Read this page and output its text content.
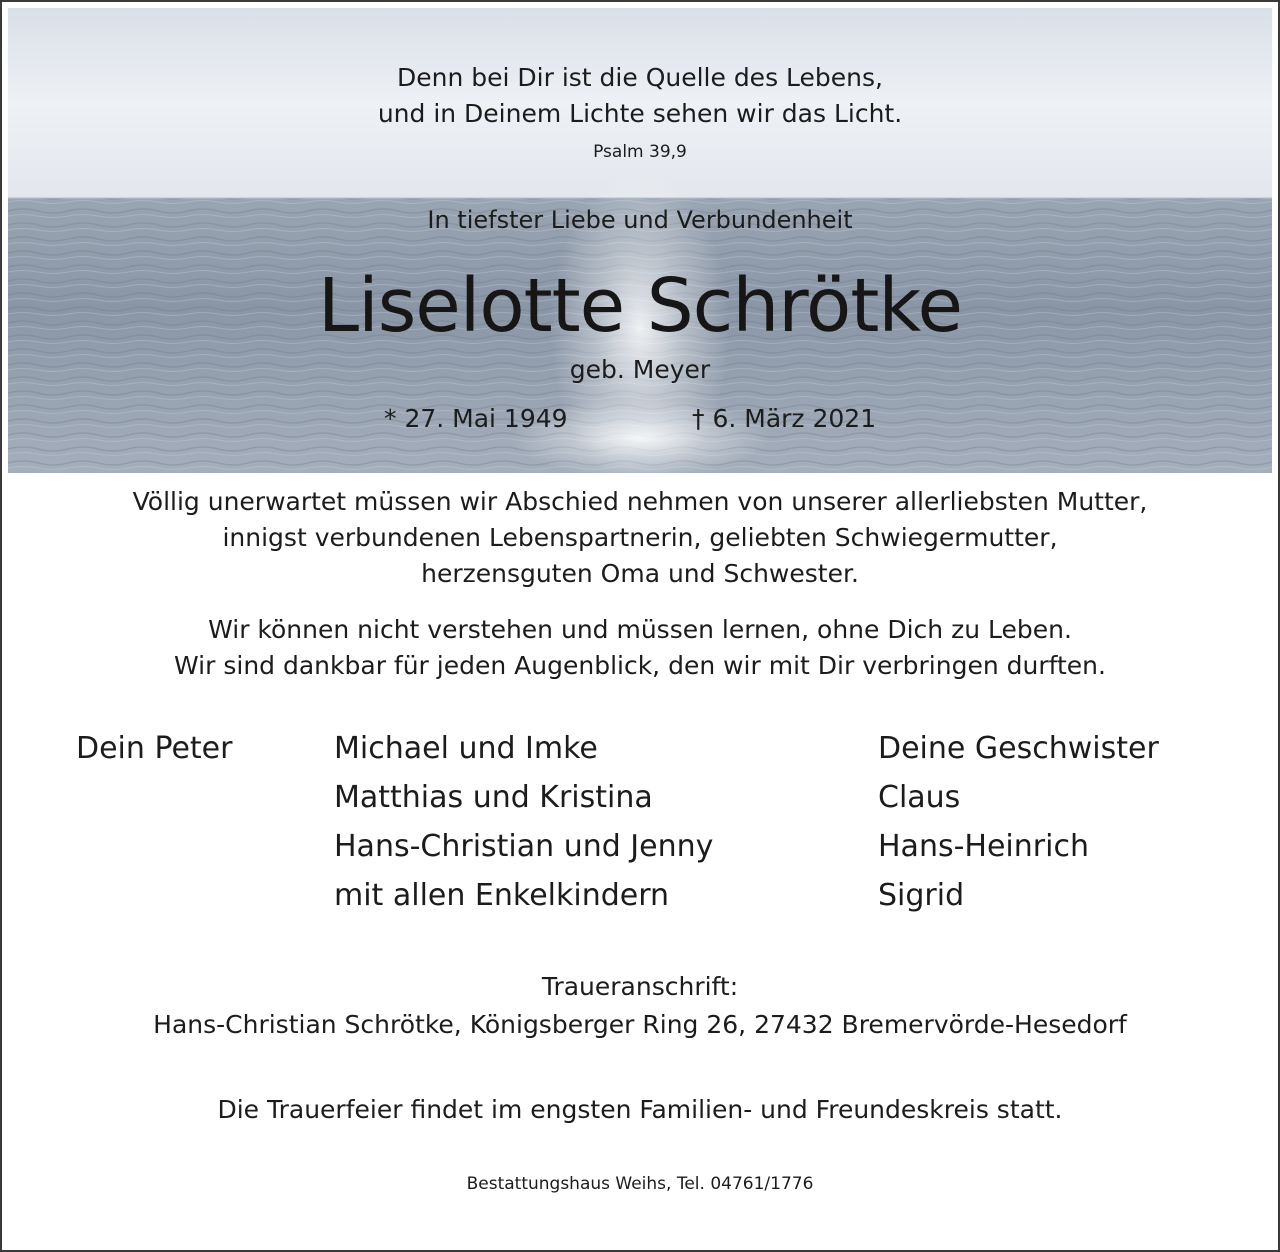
Denn bei Dir ist die Quelle des Lebens,
und in Deinem Lichte sehen wir das Licht.
Psalm 39,9
In tiefster Liebe und Verbundenheit
Liselotte Schrötke
geb. Meyer
* 27. Mai 1949	† 6. März 2021
Völlig unerwartet müssen wir Abschied nehmen von unserer allerliebsten Mutter,
innigst verbundenen Lebenspartnerin, geliebten Schwiegermutter,
herzensguten Oma und Schwester.
Wir können nicht verstehen und müssen lernen, ohne Dich zu Leben.
Wir sind dankbar für jeden Augenblick, den wir mit Dir verbringen durften.
Dein Peter	Michael und Imke
Matthias und Kristina
Hans-Christian und Jenny
mit allen Enkelkindern
Deine Geschwister
Claus
Hans-Heinrich
Sigrid
Traueranschrift:
Hans-Christian Schrötke, Königsberger Ring 26, 27432 Bremervörde-Hesedorf
Die Trauerfeier findet im engsten Familien- und Freundeskreis statt.
Bestattungshaus Weihs, Tel. 04761/1776
